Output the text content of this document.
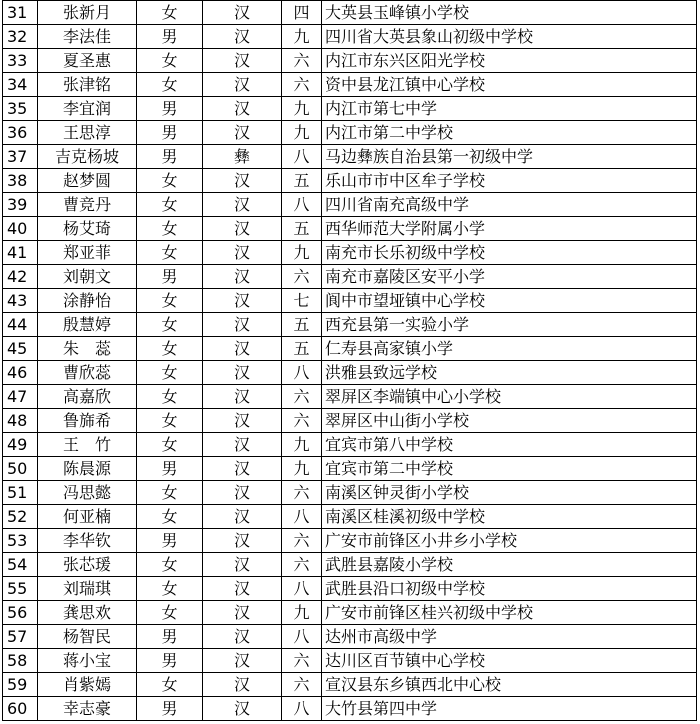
31	张新月	女	汉	四	大英县玉峰镇小学校
32	李法佳	男	汉	九	四川省大英县象山初级中学校
33	夏圣惠	女	汉	六	内江市东兴区阳光学校
34	张津铭	女	汉	六	资中县龙江镇中心学校
35	李宜润	男	汉	九	内江市第七中学
36	王思淳	男	汉	九	内江市第二中学校
37	吉克杨坡	男	彝	八	马边彝族自治县第一初级中学
38	赵梦圆	女	汉	五	乐山市市中区牟子学校
39	曹竞丹	女	汉	八	四川省南充高级中学
40	杨艾琦	女	汉	五	西华师范大学附属小学
41	郑亚菲	女	汉	九	南充市长乐初级中学校
42	刘朝文	男	汉	六	南充市嘉陵区安平小学
43	涂静怡	女	汉	七	阆中市望垭镇中心学校
44	殷慧婷	女	汉	五	西充县第一实验小学
45	朱　蕊	女	汉	五	仁寿县高家镇小学
46	曹欣蕊	女	汉	八	洪雅县致远学校
47	高嘉欣	女	汉	六	翠屏区李端镇中心小学校
48	鲁旆希	女	汉	六	翠屏区中山街小学校
49	王　竹	女	汉	九	宜宾市第八中学校
50	陈晨源	男	汉	九	宜宾市第二中学校
51	冯思懿	女	汉	六	南溪区钟灵街小学校
52	何亚楠	女	汉	八	南溪区桂溪初级中学校
53	李华钦	男	汉	六	广安市前锋区小井乡小学校
54	张芯瑗	女	汉	六	武胜县嘉陵小学校
55	刘瑞琪	女	汉	八	武胜县沿口初级中学校
56	龚思欢	女	汉	九	广安市前锋区桂兴初级中学校
57	杨智民	男	汉	八	达州市高级中学
58	蒋小宝	男	汉	六	达川区百节镇中心学校
59	肖紫嫣	女	汉	六	宣汉县东乡镇西北中心校
60	幸志豪	男	汉	八	大竹县第四中学
